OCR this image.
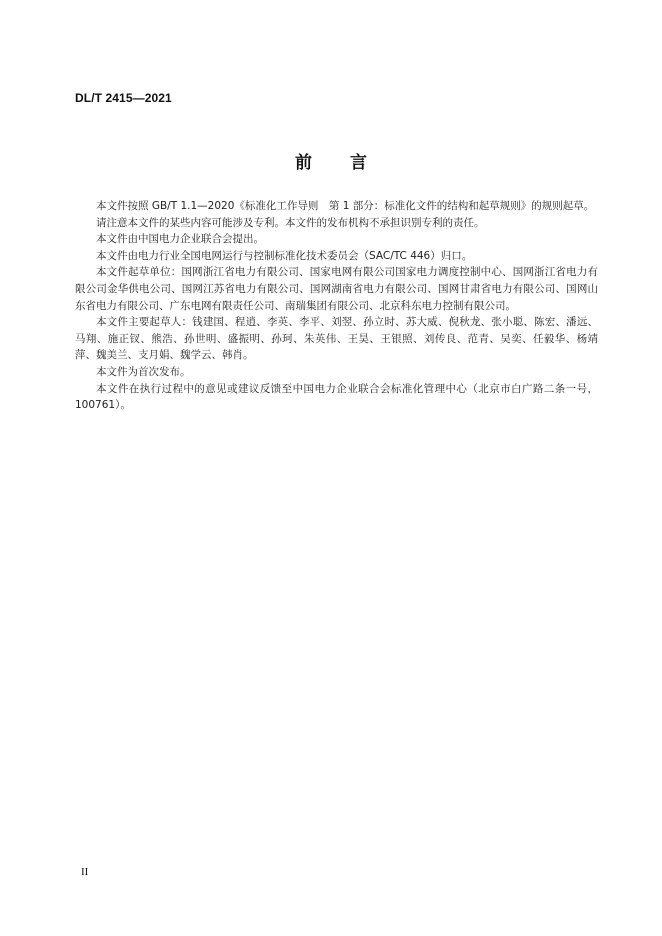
DL/T 2415—2021
前 言

本文件按照 GB/T 1.1—2020《标准化工作导则　第 1 部分：标准化文件的结构和起草规则》的规则起草。

请注意本文件的某些内容可能涉及专利。本文件的发布机构不承担识别专利的责任。

本文件由中国电力企业联合会提出。

本文件由电力行业全国电网运行与控制标准化技术委员会（SAC/TC 446）归口。

本文件起草单位：国网浙江省电力有限公司、国家电网有限公司国家电力调度控制中心、国网浙江省电力有限公司金华供电公司、国网江苏省电力有限公司、国网湖南省电力有限公司、国网甘肃省电力有限公司、国网山东省电力有限公司、广东电网有限责任公司、南瑞集团有限公司、北京科东电力控制有限公司。

本文件主要起草人：钱建国、程逍、李英、李平、刘翌、孙立时、苏大威、倪秋龙、张小聪、陈宏、潘远、马翔、施正钗、熊浩、孙世明、盛振明、孙珂、朱英伟、王昊、王银照、刘传良、范青、吴奕、任毅华、杨靖萍、魏美兰、支月娟、魏学云、韩肖。

本文件为首次发布。

本文件在执行过程中的意见或建议反馈至中国电力企业联合会标准化管理中心（北京市白广路二条一号，100761）。

II
